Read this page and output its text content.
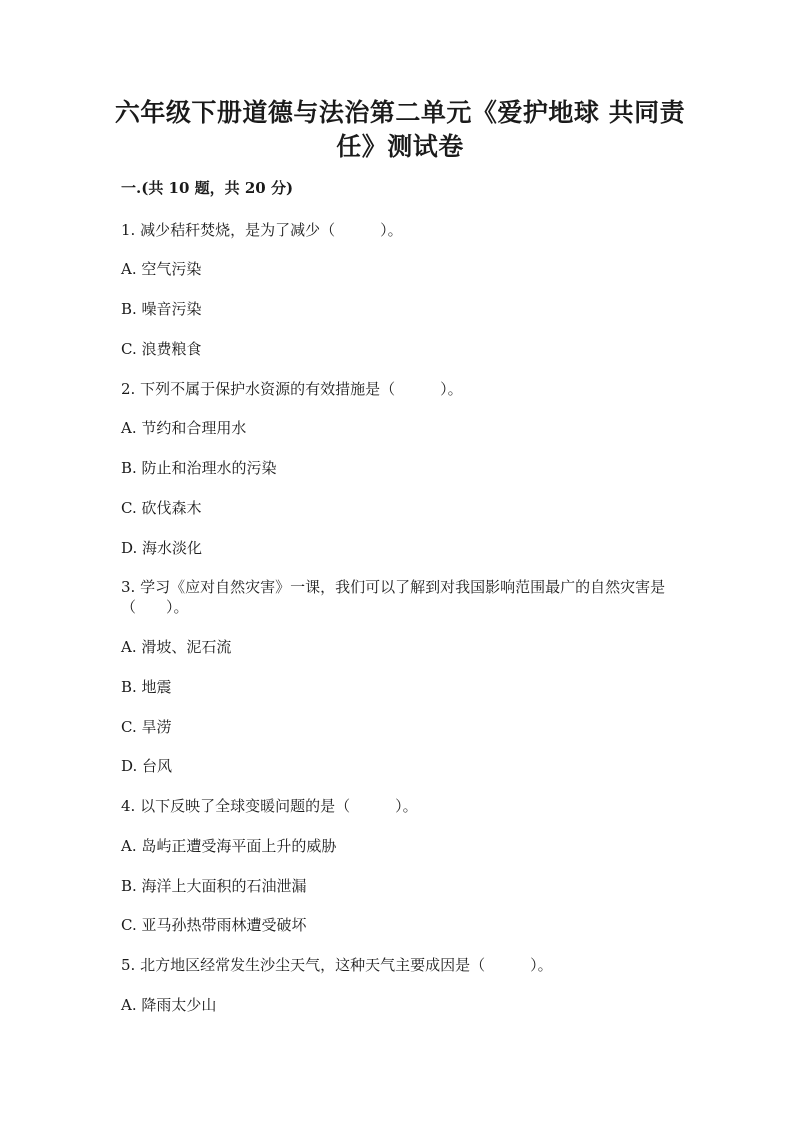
六年级下册道德与法治第二单元《爱护地球 共同责任》测试卷
一.(共 10 题，共 20 分)
1. 减少秸秆焚烧，是为了减少（　　　）。
A. 空气污染
B. 噪音污染
C. 浪费粮食
2. 下列不属于保护水资源的有效措施是（　　　）。
A. 节约和合理用水
B. 防止和治理水的污染
C. 砍伐森木
D. 海水淡化
3. 学习《应对自然灾害》一课，我们可以了解到对我国影响范围最广的自然灾害是（　　）。
A. 滑坡、泥石流
B. 地震
C. 旱涝
D. 台风
4. 以下反映了全球变暖问题的是（　　　）。
A. 岛屿正遭受海平面上升的威胁
B. 海洋上大面积的石油泄漏
C. 亚马孙热带雨林遭受破坏
5. 北方地区经常发生沙尘天气，这种天气主要成因是（　　　）。
A. 降雨太少山
